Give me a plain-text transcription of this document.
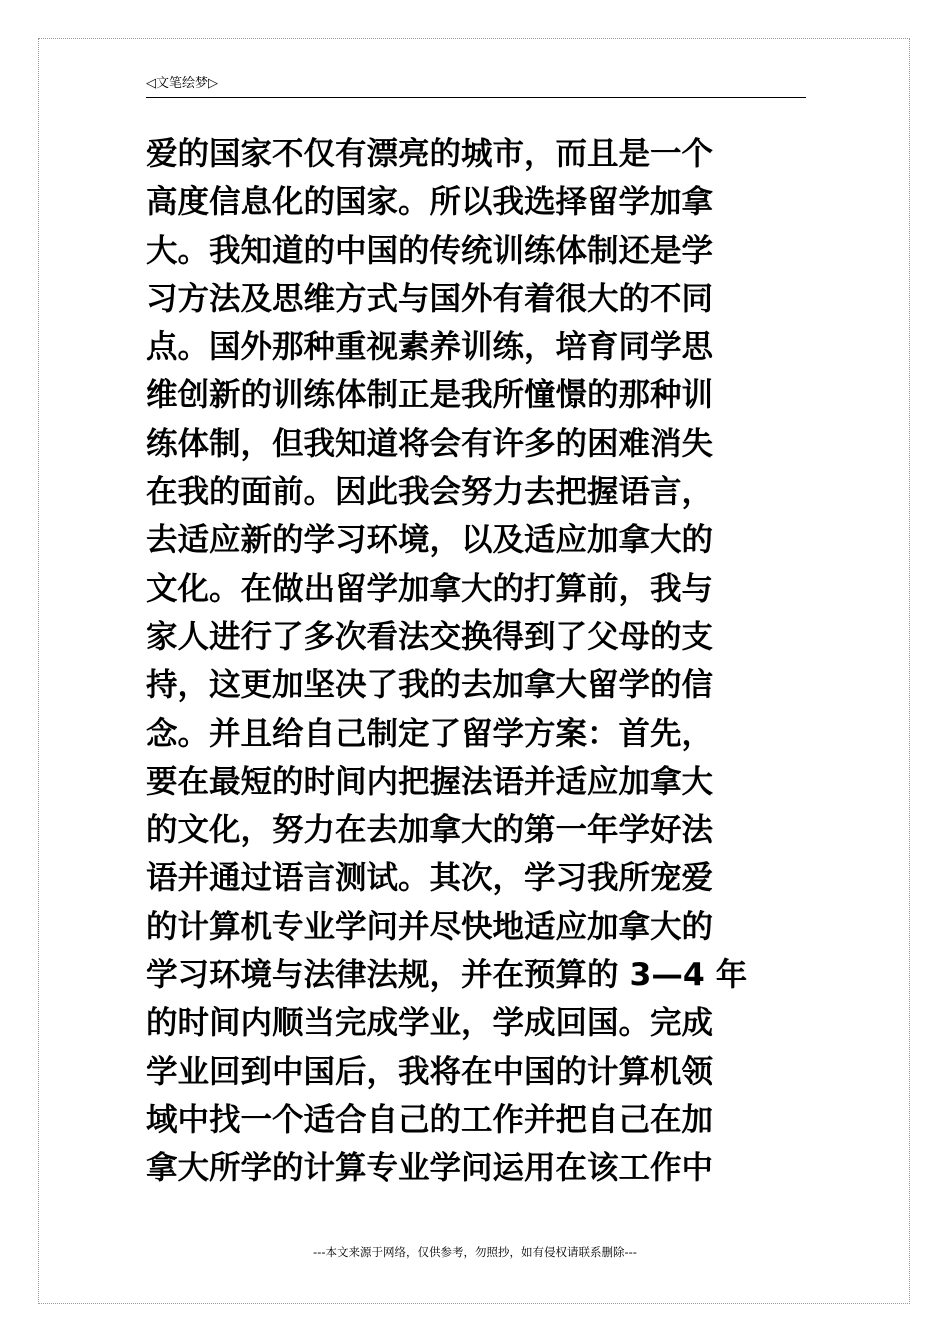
◁文笔绘梦▷
爱的国家不仅有漂亮的城市，而且是一个
高度信息化的国家。所以我选择留学加拿
大。我知道的中国的传统训练体制还是学
习方法及思维方式与国外有着很大的不同
点。国外那种重视素养训练，培育同学思
维创新的训练体制正是我所憧憬的那种训
练体制，但我知道将会有许多的困难消失
在我的面前。因此我会努力去把握语言，
去适应新的学习环境，以及适应加拿大的
文化。在做出留学加拿大的打算前，我与
家人进行了多次看法交换得到了父母的支
持，这更加坚决了我的去加拿大留学的信
念。并且给自己制定了留学方案：首先，
要在最短的时间内把握法语并适应加拿大
的文化，努力在去加拿大的第一年学好法
语并通过语言测试。其次，学习我所宠爱
的计算机专业学问并尽快地适应加拿大的
学习环境与法律法规，并在预算的 3—4 年
的时间内顺当完成学业，学成回国。完成
学业回到中国后，我将在中国的计算机领
域中找一个适合自己的工作并把自己在加
拿大所学的计算专业学问运用在该工作中
---本文来源于网络，仅供参考，勿照抄，如有侵权请联系删除---
